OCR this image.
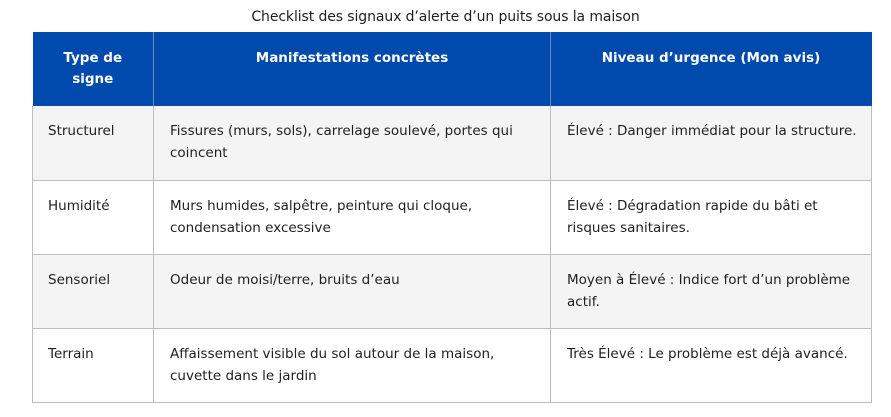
Checklist des signaux d’alerte d’un puits sous la maison
Type de signe	Manifestations concrètes	Niveau d’urgence (Mon avis)
Structurel	Fissures (murs, sols), carrelage soulevé, portes qui coincent	Élevé : Danger immédiat pour la structure.
Humidité	Murs humides, salpêtre, peinture qui cloque, condensation excessive	Élevé : Dégradation rapide du bâti et risques sanitaires.
Sensoriel	Odeur de moisi/terre, bruits d’eau	Moyen à Élevé : Indice fort d’un problème actif.
Terrain	Affaissement visible du sol autour de la maison, cuvette dans le jardin	Très Élevé : Le problème est déjà avancé.
